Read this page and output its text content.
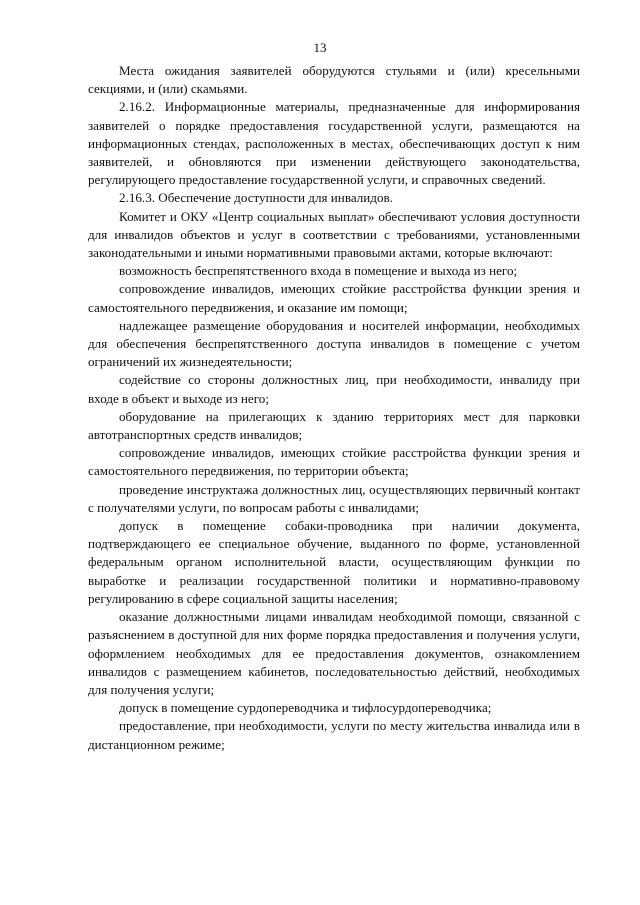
13

Места ожидания заявителей оборудуются стульями и (или) кресельными секциями, и (или) скамьями.

2.16.2. Информационные материалы, предназначенные для информирования заявителей о порядке предоставления государственной услуги, размещаются на информационных стендах, расположенных в местах, обеспечивающих доступ к ним заявителей, и обновляются при изменении действующего законодательства, регулирующего предоставление государственной услуги, и справочных сведений.

2.16.3. Обеспечение доступности для инвалидов.

Комитет и ОКУ «Центр социальных выплат» обеспечивают условия доступности для инвалидов объектов и услуг в соответствии с требованиями, установленными законодательными и иными нормативными правовыми актами, которые включают:

возможность беспрепятственного входа в помещение и выхода из него;

сопровождение инвалидов, имеющих стойкие расстройства функции зрения и самостоятельного передвижения, и оказание им помощи;

надлежащее размещение оборудования и носителей информации, необходимых для обеспечения беспрепятственного доступа инвалидов в помещение с учетом ограничений их жизнедеятельности;

содействие со стороны должностных лиц, при необходимости, инвалиду при входе в объект и выходе из него;

оборудование на прилегающих к зданию территориях мест для парковки автотранспортных средств инвалидов;

сопровождение инвалидов, имеющих стойкие расстройства функции зрения и самостоятельного передвижения, по территории объекта;

проведение инструктажа должностных лиц, осуществляющих первичный контакт с получателями услуги, по вопросам работы с инвалидами;

допуск в помещение собаки-проводника при наличии документа, подтверждающего ее специальное обучение, выданного по форме, установленной федеральным органом исполнительной власти, осуществляющим функции по выработке и реализации государственной политики и нормативно-правовому регулированию в сфере социальной защиты населения;

оказание должностными лицами инвалидам необходимой помощи, связанной с разъяснением в доступной для них форме порядка предоставления и получения услуги, оформлением необходимых для ее предоставления документов, ознакомлением инвалидов с размещением кабинетов, последовательностью действий, необходимых для получения услуги;

допуск в помещение сурдопереводчика и тифлосурдопереводчика;

предоставление, при необходимости, услуги по месту жительства инвалида или в дистанционном режиме;
